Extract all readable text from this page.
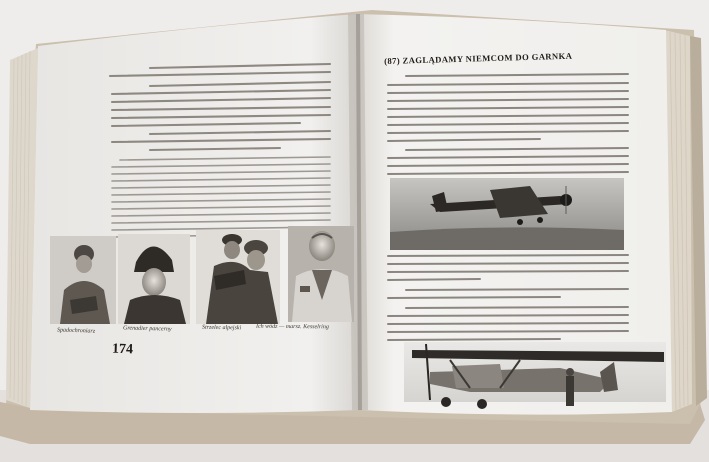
(87) ZAGLĄDAMY NIEMCOM DO GARNKA
174
Spadochroniarz	Grenadier pancerny	Strzelec alpejski Ich wódz — marsz. Kesselring
